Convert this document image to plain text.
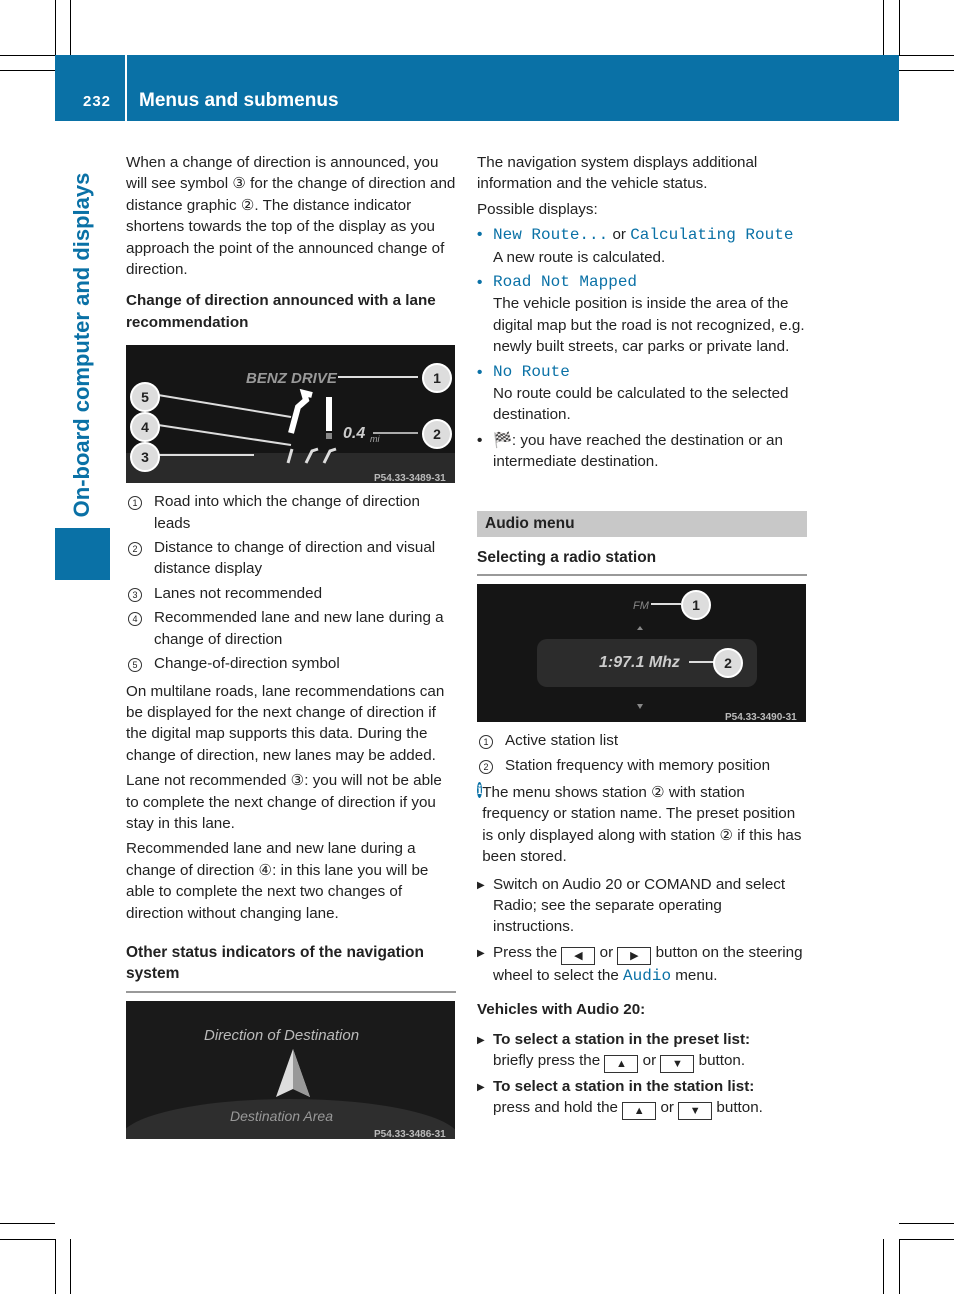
232 Menus and submenus
On-board computer and displays

When a change of direction is announced, you will see symbol ③ for the change of direction and distance graphic ②. The distance indicator shortens towards the top of the display as you approach the point of the announced change of direction.

Change of direction announced with a lane recommendation

BENZ DRIVE
0.4 mi
1
2
5
4
3
P54.33-3489-31
1 Road into which the change of direction leads
2 Distance to change of direction and visual distance display
3 Lanes not recommended
4 Recommended lane and new lane during a change of direction
5 Change-of-direction symbol

On multilane roads, lane recommendations can be displayed for the next change of direction if the digital map supports this data. During the change of direction, new lanes may be added.

Lane not recommended ③: you will not be able to complete the next change of direction if you stay in this lane.

Recommended lane and new lane during a change of direction ④: in this lane you will be able to complete the next two changes of direction without changing lane.

Other status indicators of the navigation system

Direction of Destination
Destination Area
P54.33-3486-31

The navigation system displays additional information and the vehicle status.

Possible displays:

• New Route... or Calculating Route

A new route is calculated.

• Road Not Mapped

The vehicle position is inside the area of the digital map but the road is not recognized, e.g. newly built streets, car parks or private land.

• No Route

No route could be calculated to the selected destination.

• 🏁: you have reached the destination or an intermediate destination.
Audio menu

Selecting a radio station

FM
1:97.1 Mhz
1
2
P54.33-3490-31
1 Active station list
2 Station frequency with memory position
i The menu shows station ② with station frequency or station name. The preset position is only displayed along with station ② if this has been stored.
▶ Switch on Audio 20 or COMAND and select Radio; see the separate operating instructions.
▶ Press the ◀ or ▶ button on the steering wheel to select the Audio menu.

Vehicles with Audio 20:

▶ To select a station in the preset list:
briefly press the ▲ or ▼ button.
▶ To select a station in the station list:
press and hold the ▲ or ▼ button.
